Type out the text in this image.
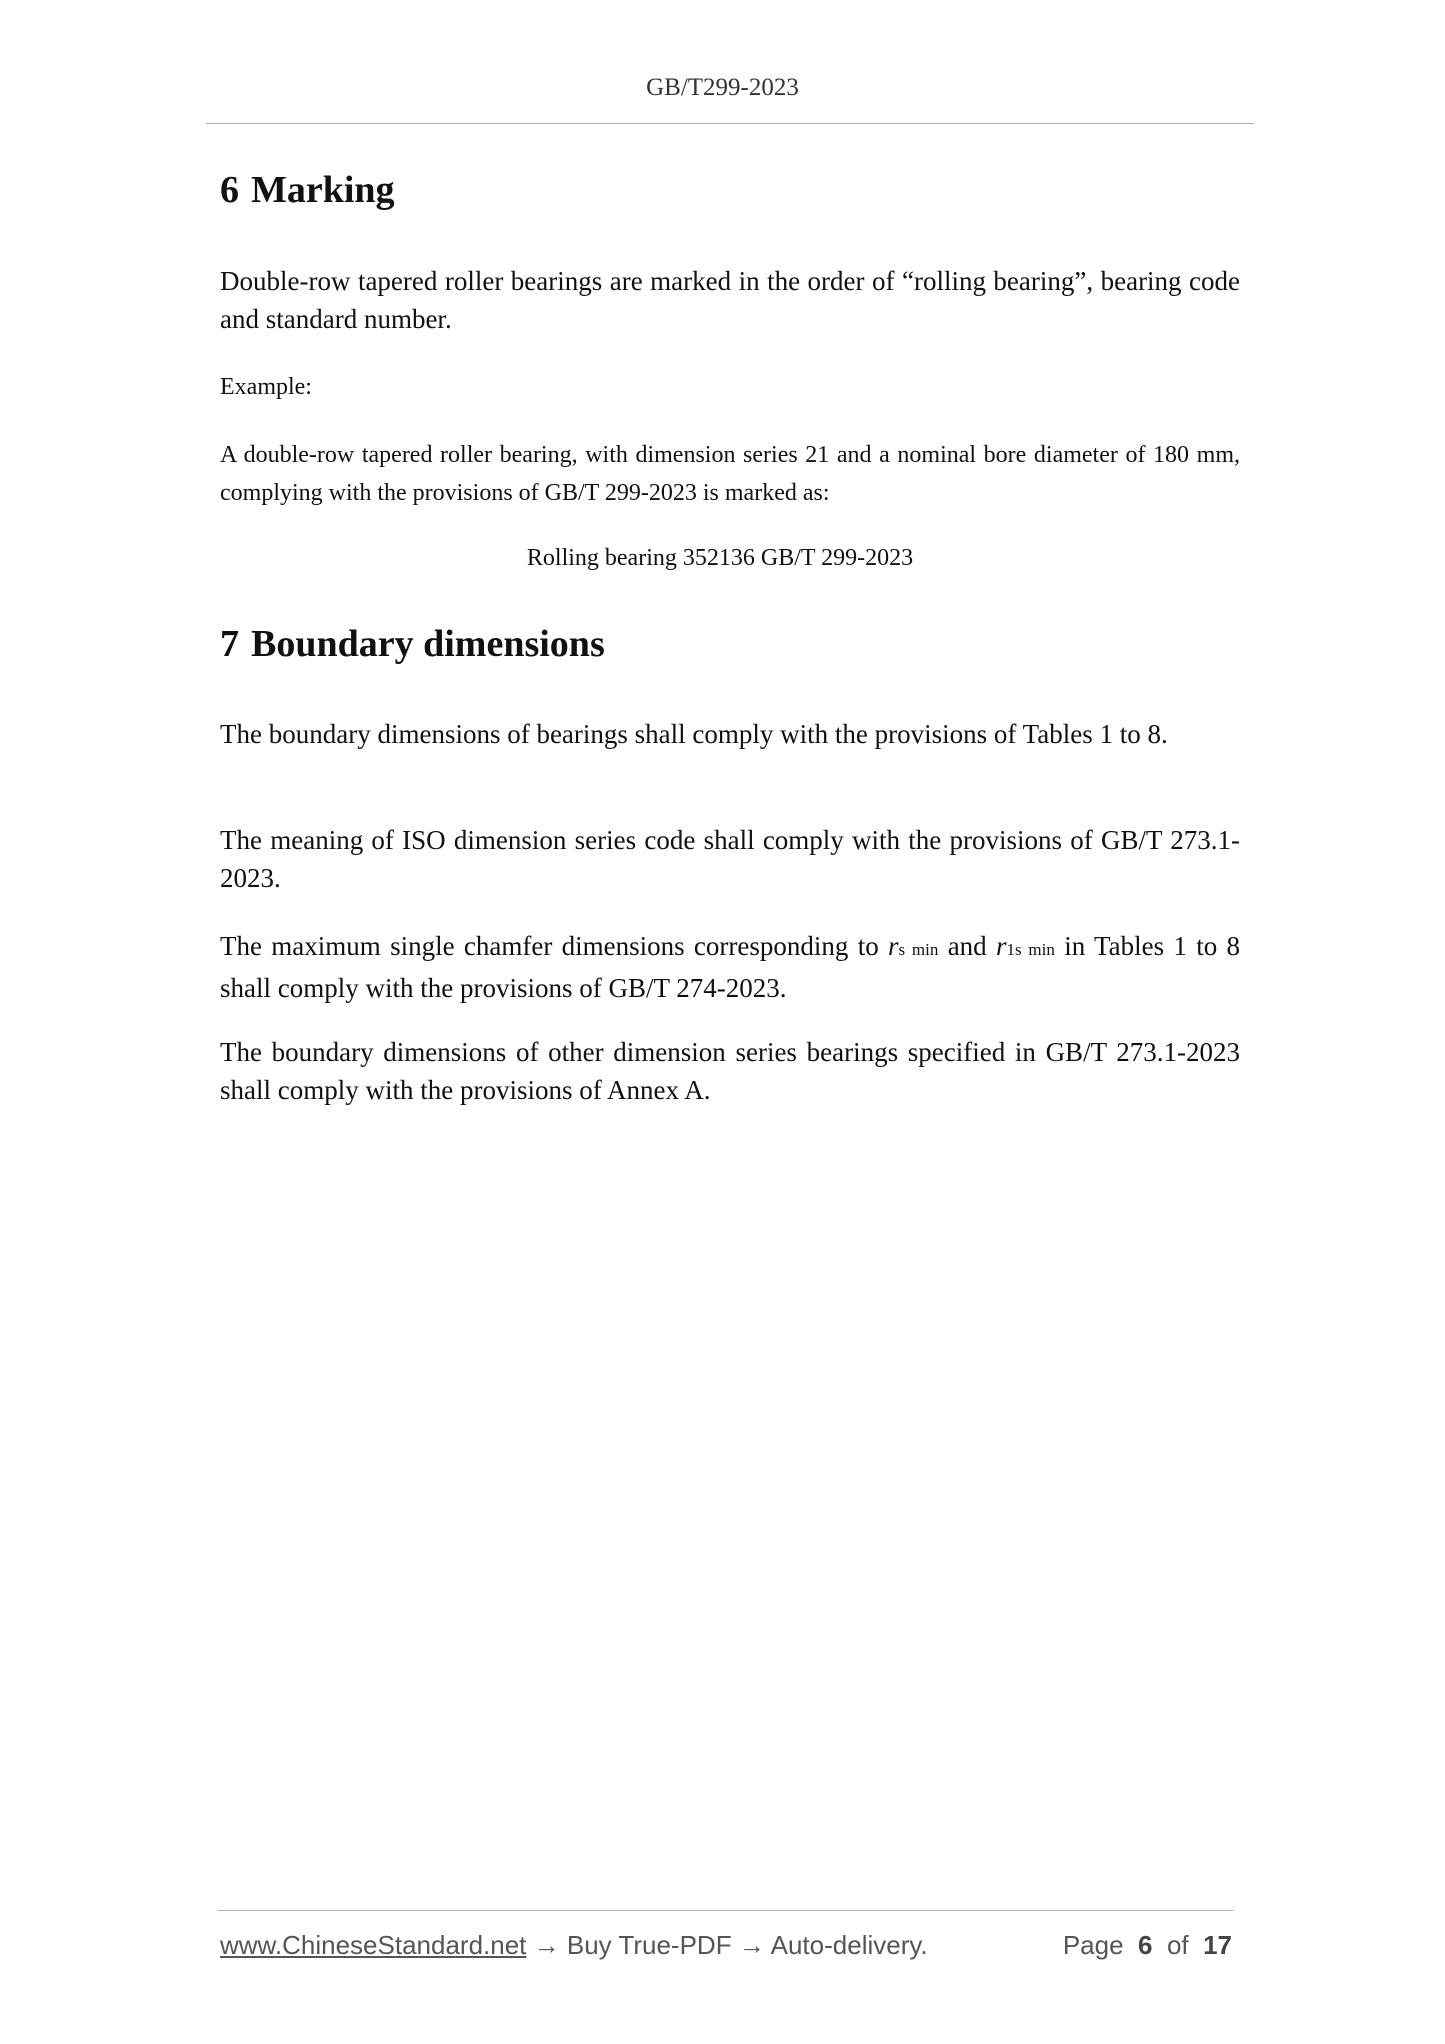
GB/T299-2023
6 Marking

Double-row tapered roller bearings are marked in the order of “rolling bearing”, bearing code and standard number.

Example:

A double-row tapered roller bearing, with dimension series 21 and a nominal bore diameter of 180 mm, complying with the provisions of GB/T 299-2023 is marked as:

Rolling bearing 352136 GB/T 299-2023

7 Boundary dimensions

The boundary dimensions of bearings shall comply with the provisions of Tables 1 to 8.

The meaning of ISO dimension series code shall comply with the provisions of GB/T 273.1-2023.

The maximum single chamfer dimensions corresponding to rs min and r1s min in Tables 1 to 8 shall comply with the provisions of GB/T 274-2023.

The boundary dimensions of other dimension series bearings specified in GB/T 273.1-2023 shall comply with the provisions of Annex A.

www.ChineseStandard.net → Buy True-PDF → Auto-delivery.	Page 6 of 17
